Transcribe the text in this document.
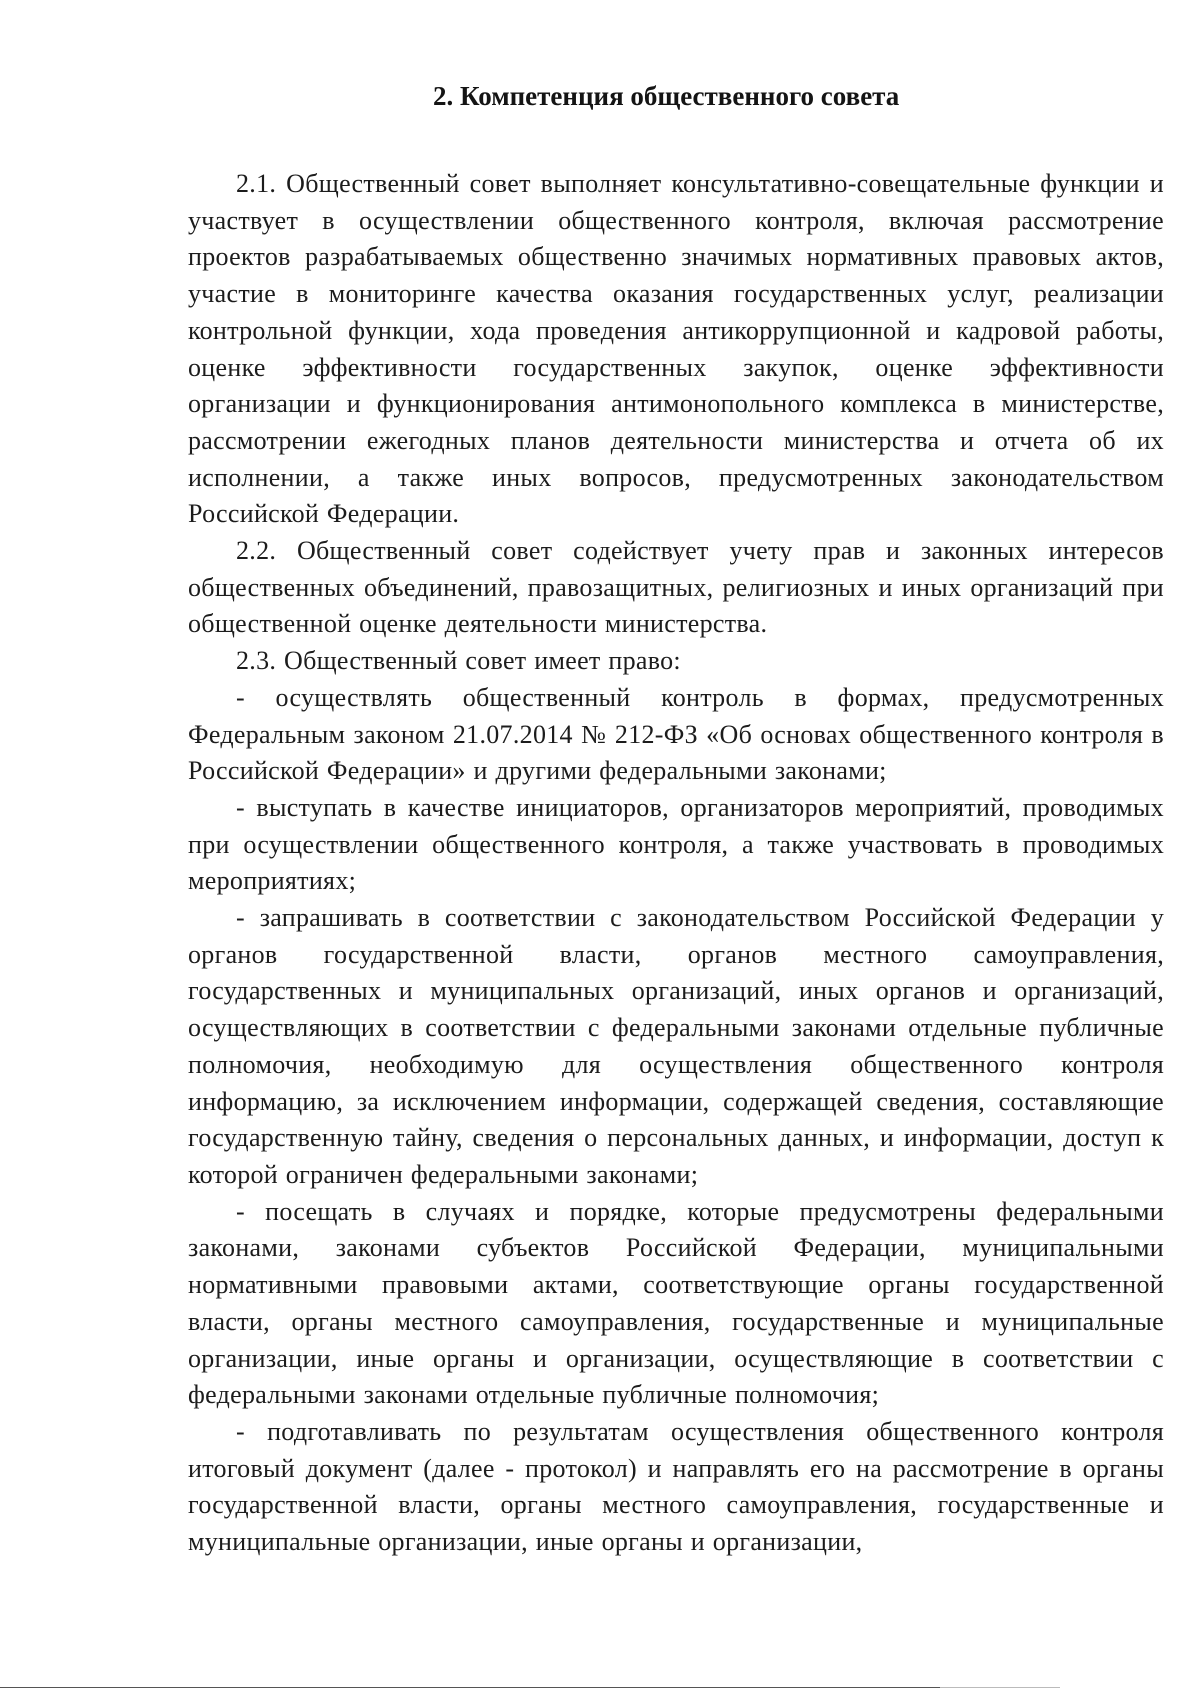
2. Компетенция общественного совета

2.1. Общественный совет выполняет консультативно-совещательные функции и участвует в осуществлении общественного контроля, включая рассмотрение проектов разрабатываемых общественно значимых нормативных правовых актов, участие в мониторинге качества оказания государственных услуг, реализации контрольной функции, хода проведения антикоррупционной и кадровой работы, оценке эффективности государственных закупок, оценке эффективности организации и функционирования антимонопольного комплекса в министерстве, рассмотрении ежегодных планов деятельности министерства и отчета об их исполнении, а также иных вопросов, предусмотренных законодательством Российской Федерации.

2.2. Общественный совет содействует учету прав и законных интересов общественных объединений, правозащитных, религиозных и иных организаций при общественной оценке деятельности министерства.

2.3. Общественный совет имеет право:

- осуществлять общественный контроль в формах, предусмотренных Федеральным законом 21.07.2014 № 212-ФЗ «Об основах общественного контроля в Российской Федерации» и другими федеральными законами;

- выступать в качестве инициаторов, организаторов мероприятий, проводимых при осуществлении общественного контроля, а также участвовать в проводимых мероприятиях;

- запрашивать в соответствии с законодательством Российской Федерации у органов государственной власти, органов местного самоуправления, государственных и муниципальных организаций, иных органов и организаций, осуществляющих в соответствии с федеральными законами отдельные публичные полномочия, необходимую для осуществления общественного контроля информацию, за исключением информации, содержащей сведения, составляющие государственную тайну, сведения о персональных данных, и информации, доступ к которой ограничен федеральными законами;

- посещать в случаях и порядке, которые предусмотрены федеральными законами, законами субъектов Российской Федерации, муниципальными нормативными правовыми актами, соответствующие органы государственной власти, органы местного самоуправления, государственные и муниципальные организации, иные органы и организации, осуществляющие в соответствии с федеральными законами отдельные публичные полномочия;

- подготавливать по результатам осуществления общественного контроля итоговый документ (далее - протокол) и направлять его на рассмотрение в органы государственной власти, органы местного самоуправления, государственные и муниципальные организации, иные органы и организации,
